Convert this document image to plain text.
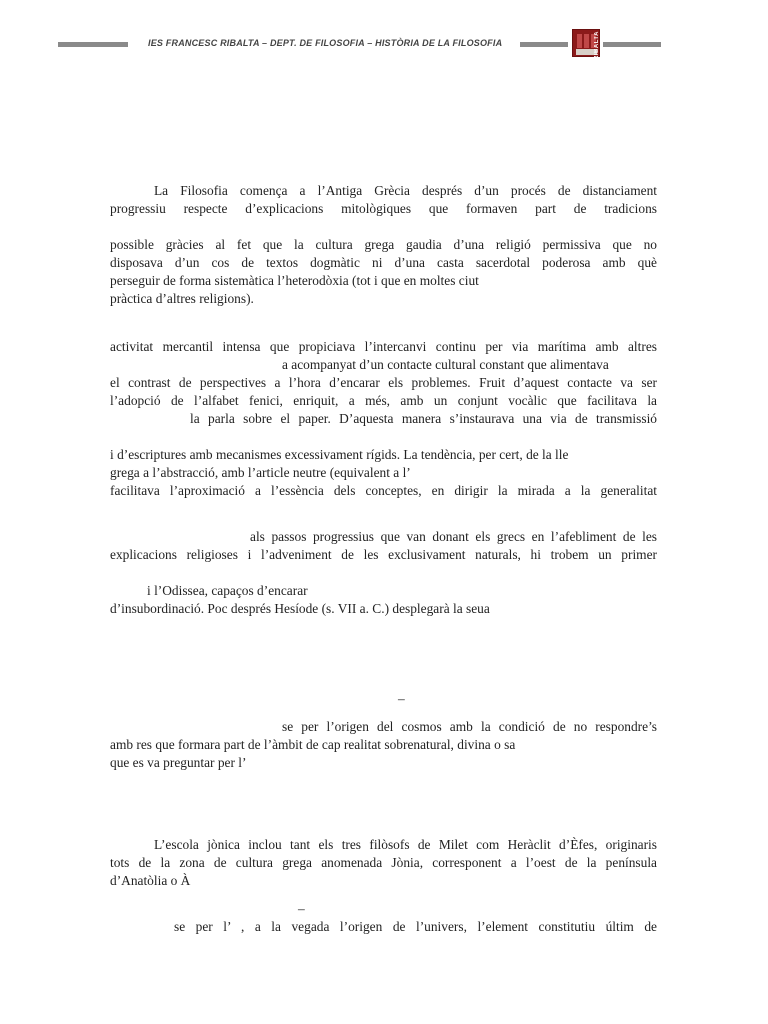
IES FRANCESC RIBALTA – DEPT. DE FILOSOFIA – HISTÒRIA DE LA FILOSOFIA	RIBALTA
La Filosofia comença a l’Antiga Grècia després d’un procés de distanciament
progressiu respecte d’explicacions mitològiques que formaven part de tradicions
possible gràcies al fet que la cultura grega gaudia d’una religió permissiva que no
disposava d’un cos de textos dogmàtic ni d’una casta sacerdotal poderosa amb què
perseguir de forma sistemàtica l’heterodòxia (tot i que en moltes ciut
pràctica d’altres religions).
activitat mercantil intensa que propiciava l’intercanvi continu per via marítima amb altres
a acompanyat d’un contacte cultural constant que alimentava
el contrast de perspectives a l’hora d’encarar els problemes. Fruit d’aquest contacte va ser
l’adopció de l’alfabet fenici, enriquit, a més, amb un conjunt vocàlic que facilitava la
la parla sobre el paper. D’aquesta manera s’instaurava una via de transmissió
i d’escriptures amb mecanismes excessivament rígids. La tendència, per cert, de la lle
grega a l’abstracció, amb l’article neutre (equivalent a l’
facilitava l’aproximació a l’essència dels conceptes, en dirigir la mirada a la generalitat
als passos progressius que van donant els grecs en l’afebliment de les
explicacions religioses i l’adveniment de les exclusivament naturals, hi trobem un primer
i l’Odissea, capaços d’encarar
d’insubordinació. Poc després Hesíode (s. VII a. C.) desplegarà la seua
–
se per l’origen del cosmos amb la condició de no respondre’s
amb res que formara part de l’àmbit de cap realitat sobrenatural, divina o sa
que es va preguntar per l’
L’escola jònica inclou tant els tres filòsofs de Milet com Heràclit d’Èfes, originaris
tots de la zona de cultura grega anomenada Jònia, corresponent a l’oest de la península
d’Anatòlia o À
–
se per l’ , a la vegada l’origen de l’univers, l’element constitutiu últim de
